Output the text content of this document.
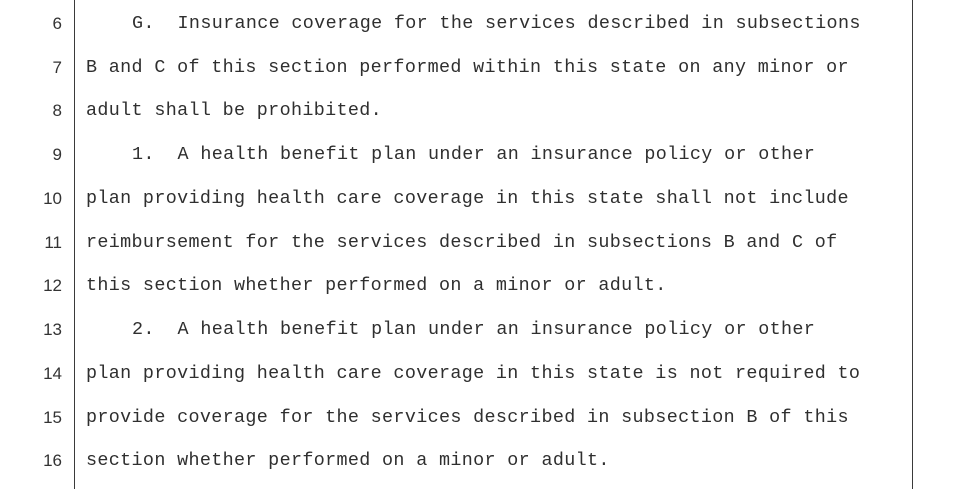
6	G.  Insurance coverage for the services described in subsections
7 B and C of this section performed within this state on any minor or
8 adult shall be prohibited.
9	1.  A health benefit plan under an insurance policy or other
10 plan providing health care coverage in this state shall not include
11 reimbursement for the services described in subsections B and C of
12 this section whether performed on a minor or adult.
13	2.  A health benefit plan under an insurance policy or other
14 plan providing health care coverage in this state is not required to
15 provide coverage for the services described in subsection B of this
16 section whether performed on a minor or adult.
